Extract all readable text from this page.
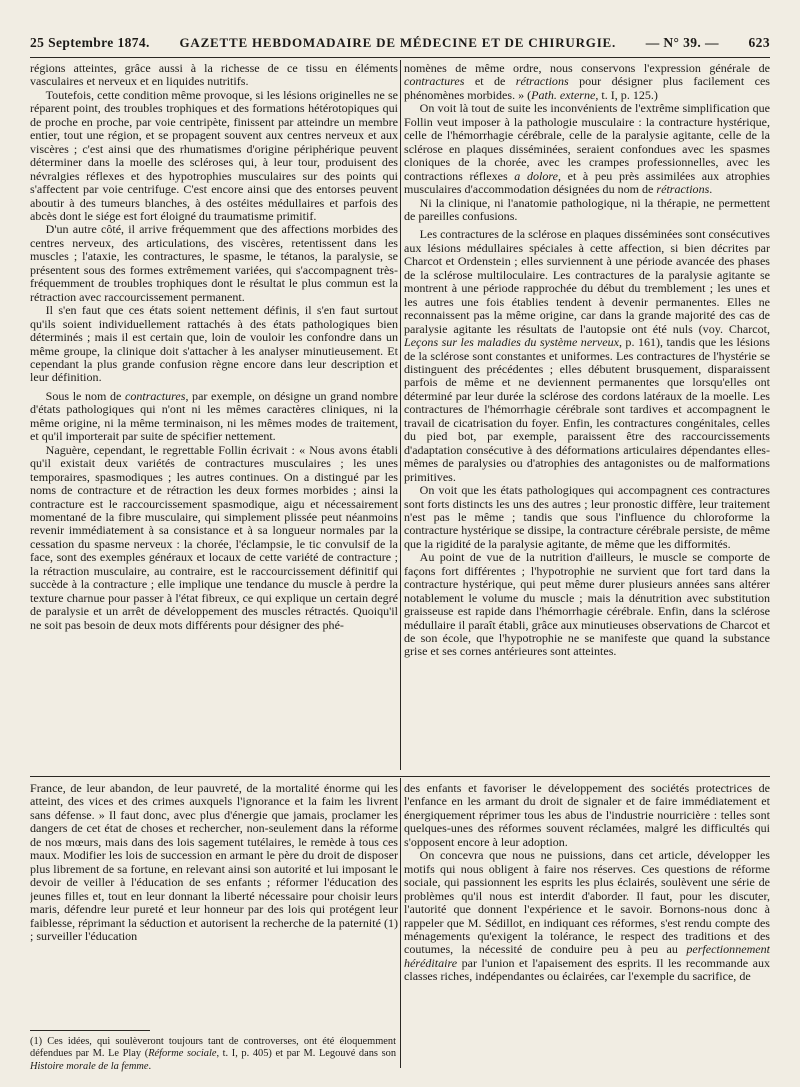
25 Septembre 1874. GAZETTE HEBDOMADAIRE DE MÉDECINE ET DE CHIRURGIE. — N° 39. — 623

régions atteintes, grâce aussi à la richesse de ce tissu en éléments vasculaires et nerveux et en liquides nutritifs.

Toutefois, cette condition même provoque, si les lésions originelles ne se réparent point, des troubles trophiques et des formations hétérotopiques qui de proche en proche, par voie centripète, finissent par atteindre un membre entier, tout une région, et se propagent souvent aux centres nerveux et aux viscères ; c'est ainsi que des rhumatismes d'origine périphérique peuvent déterminer dans la moelle des scléroses qui, à leur tour, produisent des névralgies réflexes et des hypotrophies musculaires sur des points qui s'affectent par voie centrifuge. C'est encore ainsi que des entorses peuvent aboutir à des tumeurs blanches, à des ostéites médullaires et parfois des abcès dont le siége est fort éloigné du traumatisme primitif.

D'un autre côté, il arrive fréquemment que des affections morbides des centres nerveux, des articulations, des viscères, retentissent dans les muscles ; l'ataxie, les contractures, le spasme, le tétanos, la paralysie, se présentent sous des formes extrêmement variées, qui s'accompagnent très-fréquemment de troubles trophiques dont le résultat le plus commun est la rétraction avec raccourcissement permanent.

Il s'en faut que ces états soient nettement définis, il s'en faut surtout qu'ils soient individuellement rattachés à des états pathologiques bien déterminés ; mais il est certain que, loin de vouloir les confondre dans un même groupe, la clinique doit s'attacher à les analyser minutieusement. Et cependant la plus grande confusion règne encore dans leur description et leur définition.

Sous le nom de contractures, par exemple, on désigne un grand nombre d'états pathologiques qui n'ont ni les mêmes caractères cliniques, ni la même origine, ni la même terminaison, ni les mêmes modes de traitement, et qu'il importerait par suite de spécifier nettement.

Naguère, cependant, le regrettable Follin écrivait : « Nous avons établi qu'il existait deux variétés de contractures musculaires ; les unes temporaires, spasmodiques ; les autres continues. On a distingué par les noms de contracture et de rétraction les deux formes morbides ; ainsi la contracture est le raccourcissement spasmodique, aigu et nécessairement momentané de la fibre musculaire, qui simplement plissée peut néanmoins revenir immédiatement à sa consistance et à sa longueur normales par la cessation du spasme nerveux : la chorée, l'éclampsie, le tic convulsif de la face, sont des exemples généraux et locaux de cette variété de contracture ; la rétraction musculaire, au contraire, est le raccourcissement définitif qui succède à la contracture ; elle implique une tendance du muscle à perdre la texture charnue pour passer à l'état fibreux, ce qui explique un certain degré de paralysie et un arrêt de développement des muscles rétractés. Quoiqu'il ne soit pas besoin de deux mots différents pour désigner des phé-

nomènes de même ordre, nous conservons l'expression générale de contractures et de rétractions pour désigner plus facilement ces phénomènes morbides. » (Path. externe, t. I, p. 125.)

On voit là tout de suite les inconvénients de l'extrême simplification que Follin veut imposer à la pathologie musculaire : la contracture hystérique, celle de l'hémorrhagie cérébrale, celle de la paralysie agitante, celle de la sclérose en plaques disséminées, seraient confondues avec les spasmes cloniques de la chorée, avec les crampes professionnelles, avec les contractions réflexes a dolore, et à peu près assimilées aux atrophies musculaires d'accommodation désignées du nom de rétractions.

Ni la clinique, ni l'anatomie pathologique, ni la thérapie, ne permettent de pareilles confusions.

Les contractures de la sclérose en plaques disséminées sont consécutives aux lésions médullaires spéciales à cette affection, si bien décrites par Charcot et Ordenstein ; elles surviennent à une période avancée des phases de la sclérose multiloculaire. Les contractures de la paralysie agitante se montrent à une période rapprochée du début du tremblement ; les unes et les autres une fois établies tendent à devenir permanentes. Elles ne reconnaissent pas la même origine, car dans la grande majorité des cas de paralysie agitante les résultats de l'autopsie ont été nuls (voy. Charcot, Leçons sur les maladies du système nerveux, p. 161), tandis que les lésions de la sclérose sont constantes et uniformes. Les contractures de l'hystérie se distinguent des précédentes ; elles débutent brusquement, disparaissent parfois de même et ne deviennent permanentes que lorsqu'elles ont déterminé par leur durée la sclérose des cordons latéraux de la moelle. Les contractures de l'hémorrhagie cérébrale sont tardives et accompagnent le travail de cicatrisation du foyer. Enfin, les contractures congénitales, celles du pied bot, par exemple, paraissent être des raccourcissements d'adaptation consécutive à des déformations articulaires dépendantes elles-mêmes de paralysies ou d'atrophies des antagonistes ou de malformations primitives.

On voit que les états pathologiques qui accompagnent ces contractures sont forts distincts les uns des autres ; leur pronostic diffère, leur traitement n'est pas le même ; tandis que sous l'influence du chloroforme la contracture hystérique se dissipe, la contracture cérébrale persiste, de même que la rigidité de la paralysie agitante, de même que les difformités.

Au point de vue de la nutrition d'ailleurs, le muscle se comporte de façons fort différentes ; l'hypotrophie ne survient que fort tard dans la contracture hystérique, qui peut même durer plusieurs années sans altérer notablement le volume du muscle ; mais la dénutrition avec substitution graisseuse est rapide dans l'hémorrhagie cérébrale. Enfin, dans la sclérose médullaire il paraît établi, grâce aux minutieuses observations de Charcot et de son école, que l'hypotrophie ne se manifeste que quand la substance grise et ses cornes antérieures sont atteintes.

France, de leur abandon, de leur pauvreté, de la mortalité énorme qui les atteint, des vices et des crimes auxquels l'ignorance et la faim les livrent sans défense. » Il faut donc, avec plus d'énergie que jamais, proclamer les dangers de cet état de choses et rechercher, non-seulement dans la réforme de nos mœurs, mais dans des lois sagement tutélaires, le remède à tous ces maux. Modifier les lois de succession en armant le père du droit de disposer plus librement de sa fortune, en relevant ainsi son autorité et lui imposant le devoir de veiller à l'éducation de ses enfants ; réformer l'éducation des jeunes filles et, tout en leur donnant la liberté nécessaire pour choisir leurs maris, défendre leur pureté et leur honneur par des lois qui protégent leur faiblesse, réprimant la séduction et autorisent la recherche de la paternité (1) ; surveiller l'éducation

des enfants et favoriser le développement des sociétés protectrices de l'enfance en les armant du droit de signaler et de faire immédiatement et énergiquement réprimer tous les abus de l'industrie nourricière : telles sont quelques-unes des réformes souvent réclamées, malgré les difficultés qui s'opposent encore à leur adoption.

On concevra que nous ne puissions, dans cet article, développer les motifs qui nous obligent à faire nos réserves. Ces questions de réforme sociale, qui passionnent les esprits les plus éclairés, soulèvent une série de problèmes qu'il nous est interdit d'aborder. Il faut, pour les discuter, l'autorité que donnent l'expérience et le savoir. Bornons-nous donc à rappeler que M. Sédillot, en indiquant ces réformes, s'est rendu compte des ménagements qu'exigent la tolérance, le respect des traditions et des coutumes, la nécessité de conduire peu à peu au perfectionnement héréditaire par l'union et l'apaisement des esprits. Il les recommande aux classes riches, indépendantes ou éclairées, car l'exemple du sacrifice, de

(1) Ces idées, qui soulèveront toujours tant de controverses, ont été éloquemment défendues par M. Le Play (Réforme sociale, t. I, p. 405) et par M. Legouvé dans son Histoire morale de la femme.
